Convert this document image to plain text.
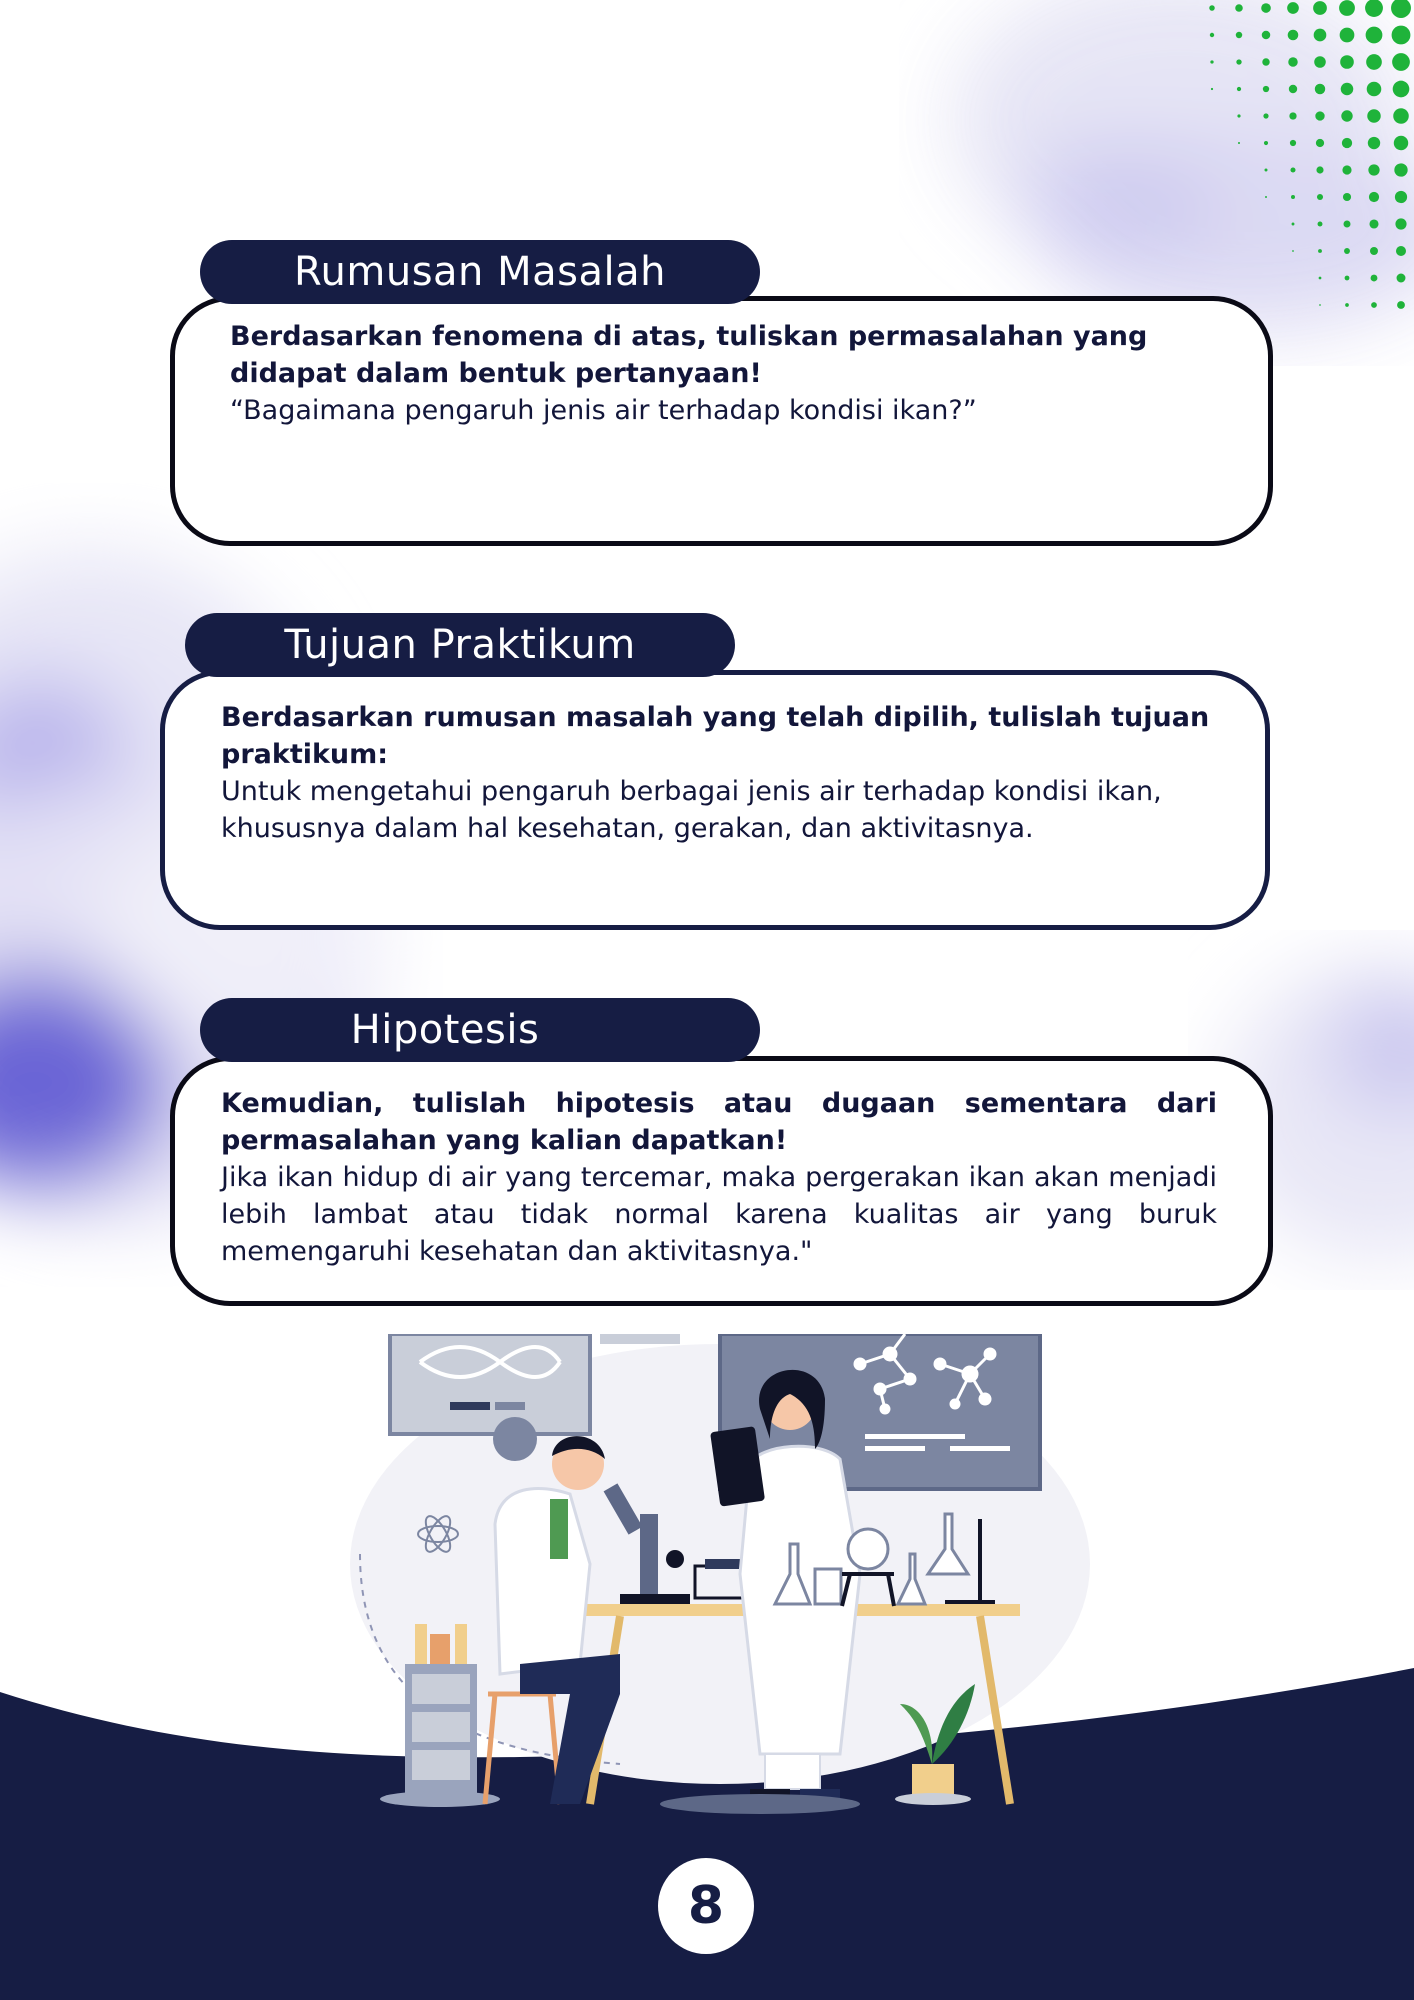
Rumusan Masalah

Berdasarkan fenomena di atas, tuliskan permasalahan yang didapat dalam bentuk pertanyaan!

“Bagaimana pengaruh jenis air terhadap kondisi ikan?”

Tujuan Praktikum

Berdasarkan rumusan masalah yang telah dipilih, tulislah tujuan praktikum:

Untuk mengetahui pengaruh berbagai jenis air terhadap kondisi ikan, khususnya dalam hal kesehatan, gerakan, dan aktivitasnya.

Hipotesis

Kemudian, tulislah hipotesis atau dugaan sementara dari permasalahan yang kalian dapatkan!

Jika ikan hidup di air yang tercemar, maka pergerakan ikan akan menjadi lebih lambat atau tidak normal karena kualitas air yang buruk memengaruhi kesehatan dan aktivitasnya."

8
